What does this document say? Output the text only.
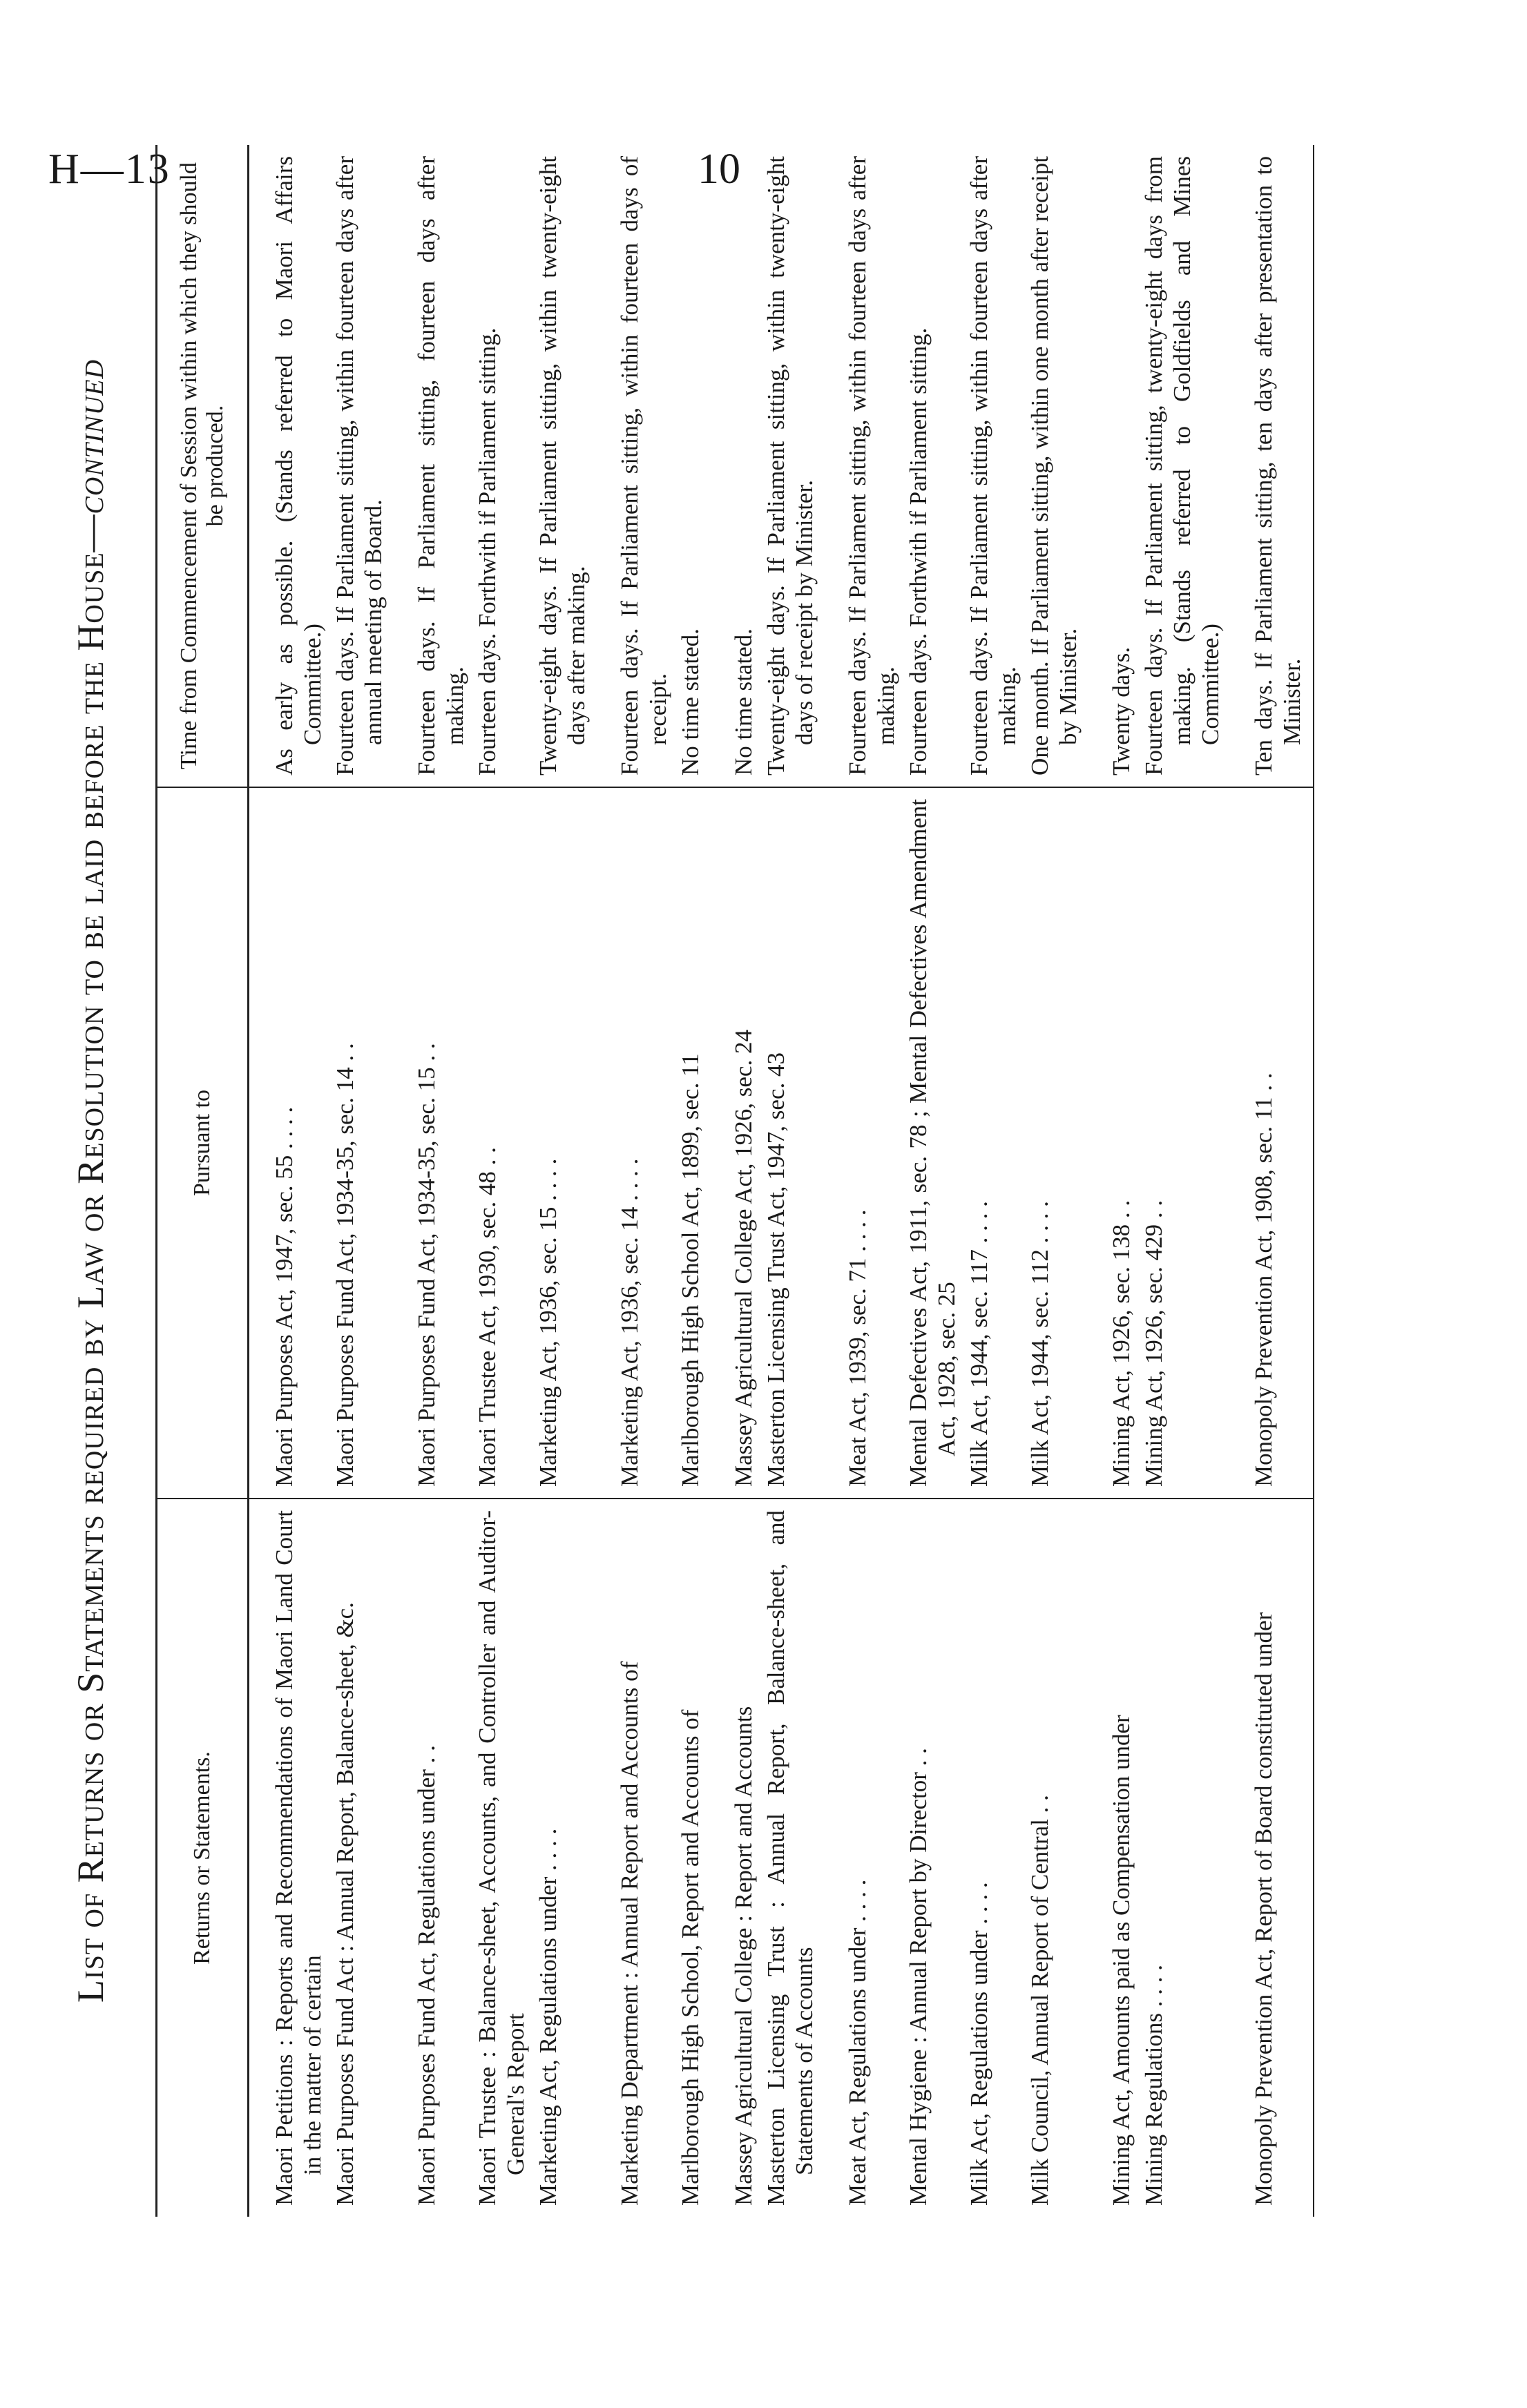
H—13	10
List of Returns or Statements required by Law or Resolution to be laid before the House—continued
Returns or Statements.	Pursuant to	Time from Commencement of Session within which they should be produced.
Maori Petitions : Reports and Recommendations of Maori Land Court in the matter of certain	Maori Purposes Act, 1947, sec. 55 . . . .	As early as possible. (Stands referred to Maori Affairs Committee.)
Maori Purposes Fund Act : Annual Report, Balance-sheet, &c.	Maori Purposes Fund Act, 1934-35, sec. 14 . .	Fourteen days. If Parliament sitting, within fourteen days after annual meeting of Board.
Maori Purposes Fund Act, Regulations under . .	Maori Purposes Fund Act, 1934-35, sec. 15 . .	Fourteen days. If Parliament sitting, fourteen days after making.
Maori Trustee : Balance-sheet, Accounts, and Controller and Auditor-General's Report	Maori Trustee Act, 1930, sec. 48 . .	Fourteen days. Forthwith if Parliament sitting.
Marketing Act, Regulations under . . . .	Marketing Act, 1936, sec. 15 . . . .	Twenty-eight days. If Parliament sitting, within twenty-eight days after making.
Marketing Department : Annual Report and Accounts of	Marketing Act, 1936, sec. 14 . . . .	Fourteen days. If Parliament sitting, within fourteen days of receipt.
Marlborough High School, Report and Accounts of	Marlborough High School Act, 1899, sec. 11	No time stated.
Massey Agricultural College : Report and Accounts	Massey Agricultural College Act, 1926, sec. 24	No time stated.
Masterton Licensing Trust : Annual Report, Balance-sheet, and Statements of Accounts	Masterton Licensing Trust Act, 1947, sec. 43	Twenty-eight days. If Parliament sitting, within twenty-eight days of receipt by Minister.
Meat Act, Regulations under . . . .	Meat Act, 1939, sec. 71 . . . .	Fourteen days. If Parliament sitting, within fourteen days after making.
Mental Hygiene : Annual Report by Director . .	Mental Defectives Act, 1911, sec. 78 ; Mental Defectives Amendment Act, 1928, sec. 25	Fourteen days. Forthwith if Parliament sitting.
Milk Act, Regulations under . . . .	Milk Act, 1944, sec. 117 . . . .	Fourteen days. If Parliament sitting, within fourteen days after making.
Milk Council, Annual Report of Central . .	Milk Act, 1944, sec. 112 . . . .	One month. If Parliament sitting, within one month after receipt by Minister.
Mining Act, Amounts paid as Compensation under	Mining Act, 1926, sec. 138 . .	Twenty days.
Mining Regulations . . . .	Mining Act, 1926, sec. 429 . .	Fourteen days. If Parliament sitting, twenty-eight days from making. (Stands referred to Goldfields and Mines Committee.)
Monopoly Prevention Act, Report of Board constituted under	Monopoly Prevention Act, 1908, sec. 11 . .	Ten days. If Parliament sitting, ten days after presentation to Minister.
